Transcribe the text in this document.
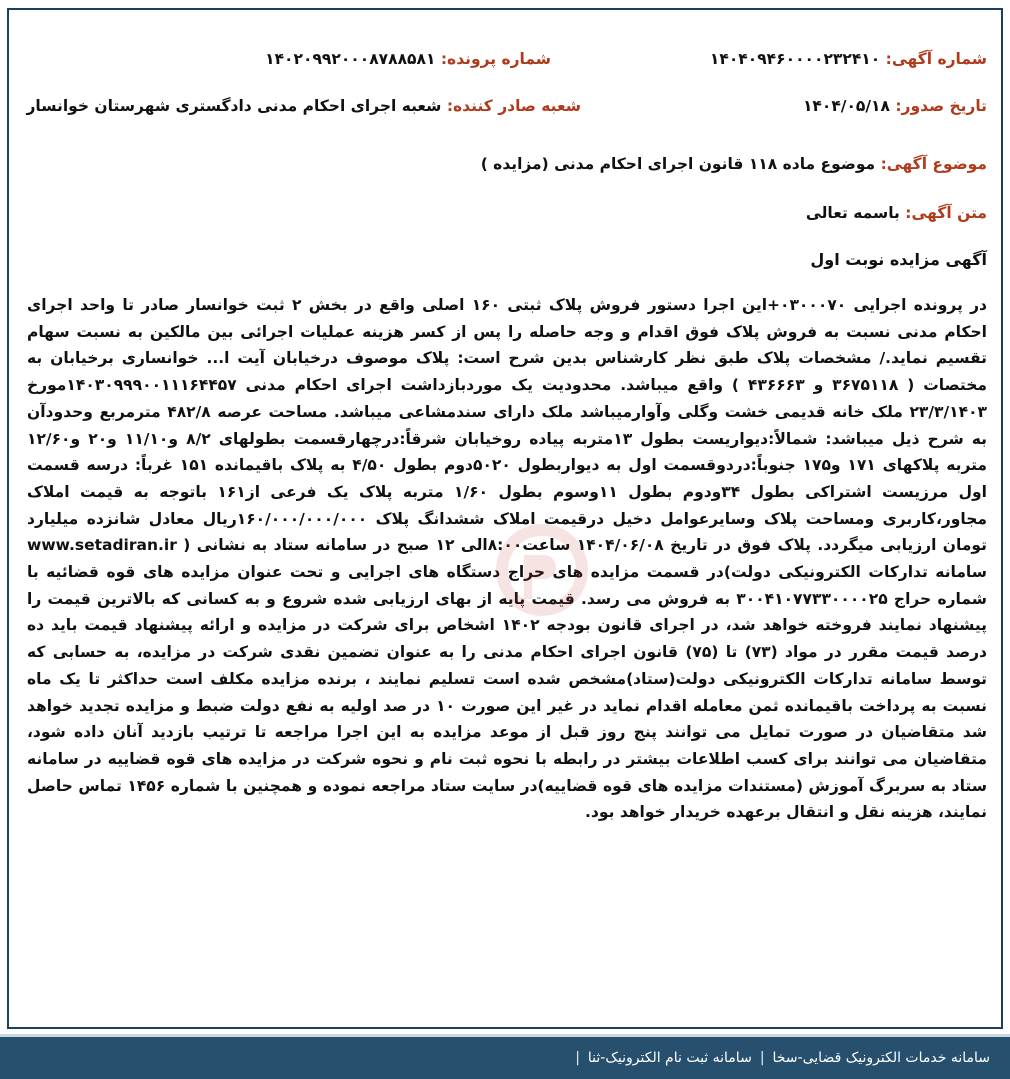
شماره آگهی: ۱۴۰۴۰۹۴۶۰۰۰۰۲۳۲۴۱۰
شماره پرونده: ۱۴۰۲۰۹۹۲۰۰۰۸۷۸۸۵۸۱
تاریخ صدور: ۱۴۰۴/۰۵/۱۸
شعبه صادر کننده: شعبه اجرای احکام مدنی دادگستری شهرستان خوانسار
موضوع آگهی: موضوع ماده ۱۱۸ قانون اجرای احکام مدنی (مزایده )
متن آگهی: باسمه تعالی
آگهی مزایده نوبت اول

در پرونده اجرایی ۰۳۰۰۰۷۰+این اجرا دستور فروش پلاک ثبتی ۱۶۰ اصلی واقع در بخش ۲ ثبت خوانسار صادر تا واحد اجرای احکام مدنی نسبت به فروش پلاک فوق اقدام و وجه حاصله را پس از کسر هزینه عملیات اجرائی بین مالکین به نسبت سهام تقسیم نماید./ مشخصات پلاک طبق نظر کارشناس بدین شرح است: پلاک موصوف درخیابان آیت ا... خوانساری برخیابان به مختصات ( ۳۶۷۵۱۱۸ و ۴۳۶۶۶۳ ) واقع میباشد. محدودیت یک موردبازداشت اجرای احکام مدنی ۱۴۰۳۰۹۹۹۰۰۱۱۱۶۴۴۵۷مورخ ۲۳/۳/۱۴۰۳ ملک خانه قدیمی خشت وگلی وآوارمیباشد ملک دارای سندمشاعی میباشد. مساحت عرصه ۴۸۲/۸ مترمربع وحدودآن به شرح ذیل میباشد: شمالاً:دیواریست بطول ۱۳متربه پیاده روخیابان شرقاً:درچهارقسمت بطولهای ۸/۲ و۱۱/۱۰ و۲۰ و۱۲/۶۰ متربه پلاکهای ۱۷۱ و۱۷۵ جنوباً:دردوقسمت اول به دیواربطول ۵۰۲۰دوم بطول ۴/۵۰ به پلاک باقیمانده ۱۵۱ غرباً: درسه قسمت اول مرزیست اشتراکی بطول ۳۴ودوم بطول ۱۱وسوم بطول ۱/۶۰ متربه پلاک یک فرعی از۱۶۱ باتوجه به قیمت املاک مجاور،کاربری ومساحت پلاک وسایرعوامل دخیل درقیمت املاک ششدانگ پلاک ۱۶۰/۰۰۰/۰۰۰/۰۰۰ریال معادل شانزده میلیارد تومان ارزیابی میگردد. پلاک فوق در تاریخ ۱۴۰۴/۰۶/۰۸ ساعت۸:۰۰الی ۱۲ صبح در سامانه ستاد به نشانی ( www.setadiran.ir سامانه تدارکات الکترونیکی دولت)در قسمت مزایده های حراج دستگاه های اجرایی و تحت عنوان مزایده های قوه قضائیه با شماره حراج ۳۰۰۴۱۰۷۷۳۳۰۰۰۰۲۵ به فروش می رسد. قیمت پایه از بهای ارزیابی شده شروع و به کسانی که بالاترین قیمت را پیشنهاد نمایند فروخته خواهد شد، در اجرای قانون بودجه ۱۴۰۲ اشخاص برای شرکت در مزایده و ارائه پیشنهاد قیمت باید ده درصد قیمت مقرر در مواد (۷۳) تا (۷۵) قانون اجرای احکام مدنی را به عنوان تضمین نقدی شرکت در مزایده، به حسابی که توسط سامانه تدارکات الکترونیکی دولت(ستاد)مشخص شده است تسلیم نمایند ، برنده مزایده مکلف است حداکثر تا یک ماه نسبت به پرداخت باقیمانده ثمن معامله اقدام نماید در غیر این صورت ۱۰ در صد اولیه به نفع دولت ضبط و مزایده تجدید خواهد شد متقاضیان در صورت تمایل می توانند پنج روز قبل از موعد مزایده به این اجرا مراجعه تا ترتیب بازدید آنان داده شود، متقاضیان می توانند برای کسب اطلاعات بیشتر در رابطه با نحوه ثبت نام و نحوه شرکت در مزایده های قوه قضاییه در سامانه ستاد به سربرگ آموزش (مستندات مزایده های قوه قضاییه)در سایت ستاد مراجعه نموده و همچنین با شماره ۱۴۵۶ تماس حاصل نمایند، هزینه نقل و انتقال برعهده خریدار خواهد بود.

سامانه خدمات الکترونیک قضایی-سخا
|
سامانه ثبت نام الکترونیک-ثنا
|
